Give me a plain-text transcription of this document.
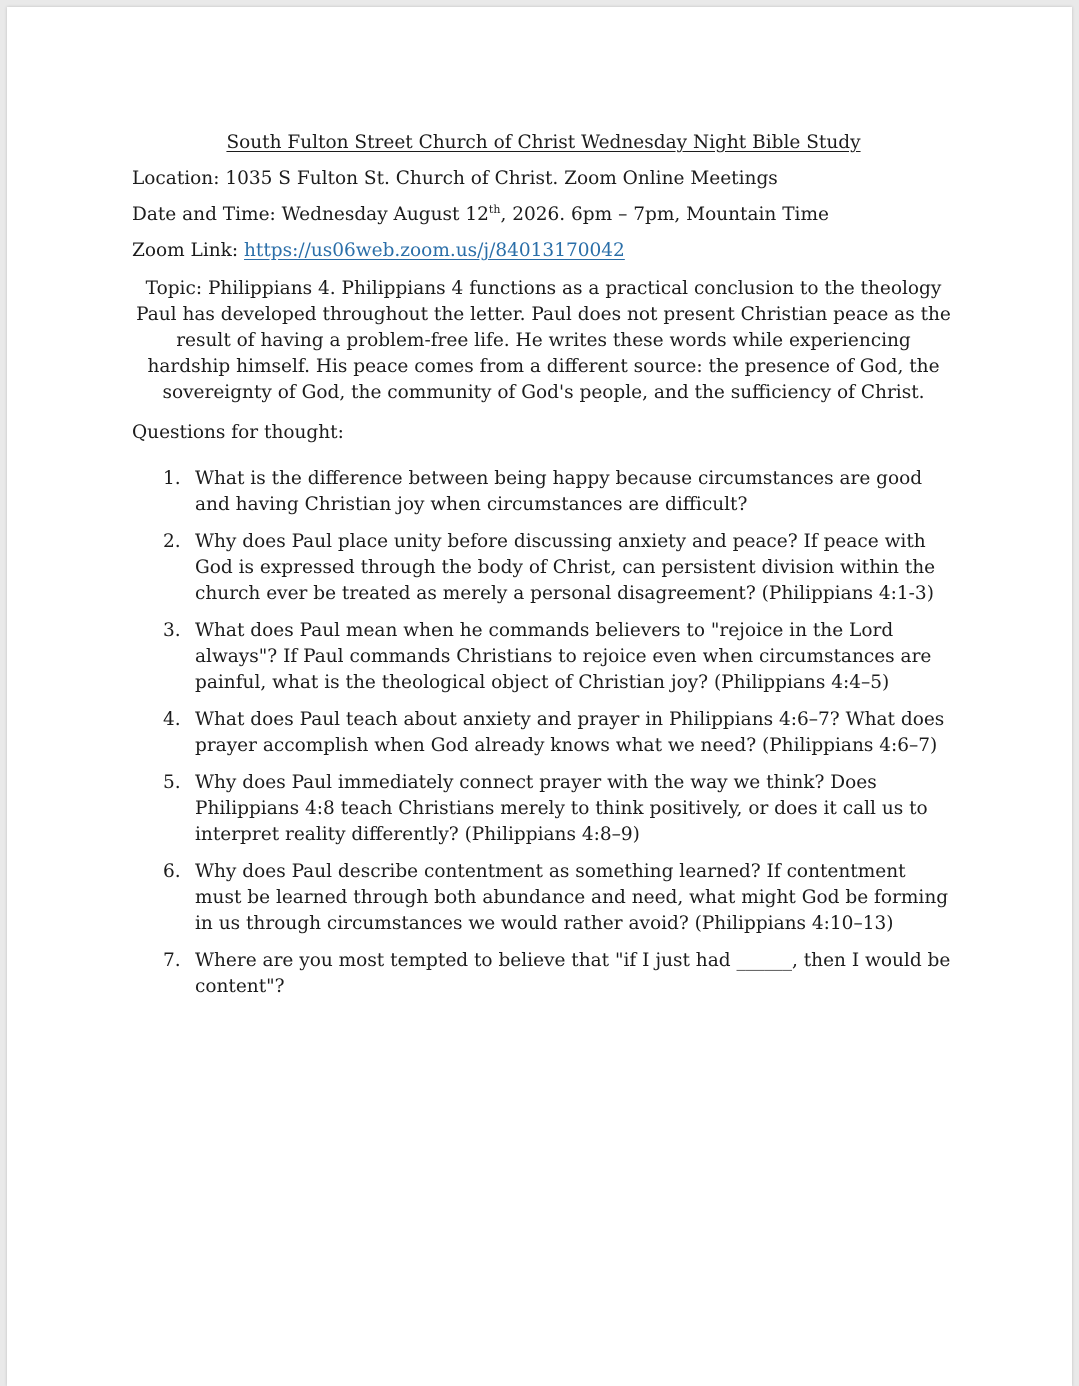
South Fulton Street Church of Christ Wednesday Night Bible Study
Location: 1035 S Fulton St. Church of Christ. Zoom Online Meetings
Date and Time: Wednesday August 12th, 2026. 6pm – 7pm, Mountain Time
Zoom Link: https://us06web.zoom.us/j/84013170042
Topic: Philippians 4. Philippians 4 functions as a practical conclusion to the theology Paul has developed throughout the letter. Paul does not present Christian peace as the result of having a problem-free life. He writes these words while experiencing hardship himself. His peace comes from a different source: the presence of God, the sovereignty of God, the community of God's people, and the sufficiency of Christ.
Questions for thought:
1. What is the difference between being happy because circumstances are good and having Christian joy when circumstances are difficult?
2. Why does Paul place unity before discussing anxiety and peace? If peace with God is expressed through the body of Christ, can persistent division within the church ever be treated as merely a personal disagreement? (Philippians 4:1-3)
3. What does Paul mean when he commands believers to "rejoice in the Lord always"? If Paul commands Christians to rejoice even when circumstances are painful, what is the theological object of Christian joy? (Philippians 4:4–5)
4. What does Paul teach about anxiety and prayer in Philippians 4:6–7? What does prayer accomplish when God already knows what we need? (Philippians 4:6–7)
5. Why does Paul immediately connect prayer with the way we think? Does Philippians 4:8 teach Christians merely to think positively, or does it call us to interpret reality differently? (Philippians 4:8–9)
6. Why does Paul describe contentment as something learned? If contentment must be learned through both abundance and need, what might God be forming in us through circumstances we would rather avoid? (Philippians 4:10–13)
7. Where are you most tempted to believe that "if I just had ______, then I would be content"?
